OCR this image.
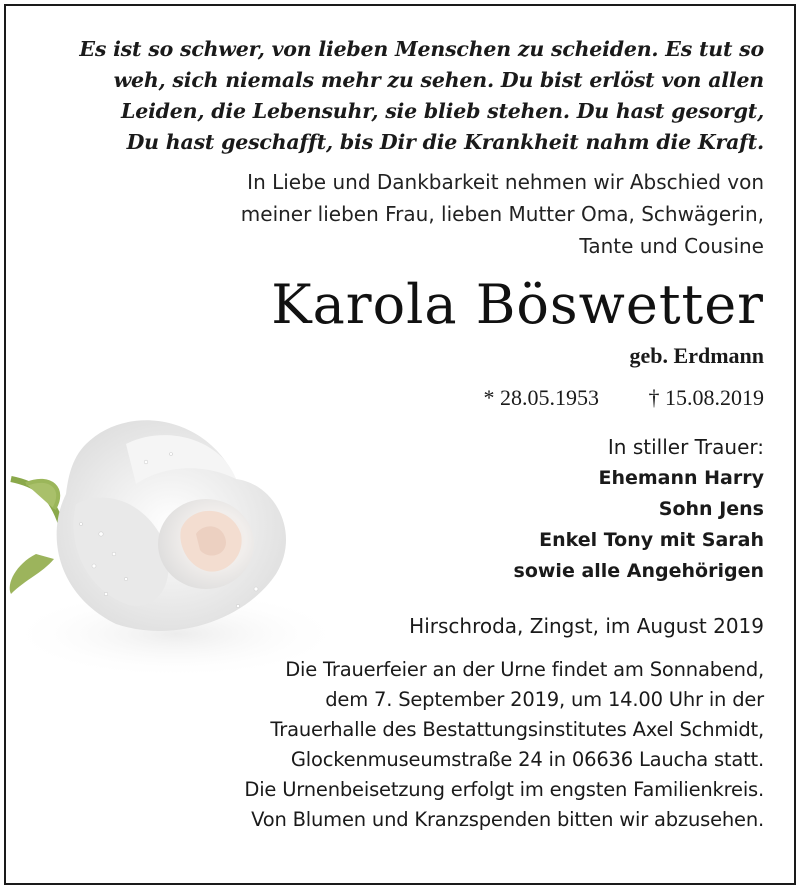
Es ist so schwer, von lieben Menschen zu scheiden. Es tut so
weh, sich niemals mehr zu sehen. Du bist erlöst von allen
Leiden, die Lebensuhr, sie blieb stehen. Du hast gesorgt,
Du hast geschafft, bis Dir die Krankheit nahm die Kraft.
In Liebe und Dankbarkeit nehmen wir Abschied von
meiner lieben Frau, lieben Mutter Oma, Schwägerin,
Tante und Cousine
Karola Böswetter
geb. Erdmann
* 28.05.1953 † 15.08.2019
In stiller Trauer:
Ehemann Harry
Sohn Jens
Enkel Tony mit Sarah
sowie alle Angehörigen
Hirschroda, Zingst, im August 2019
Die Trauerfeier an der Urne findet am Sonnabend,
dem 7. September 2019, um 14.00 Uhr in der
Trauerhalle des Bestattungsinstitutes Axel Schmidt,
Glockenmuseumstraße 24 in 06636 Laucha statt.
Die Urnenbeisetzung erfolgt im engsten Familienkreis.
Von Blumen und Kranzspenden bitten wir abzusehen.
